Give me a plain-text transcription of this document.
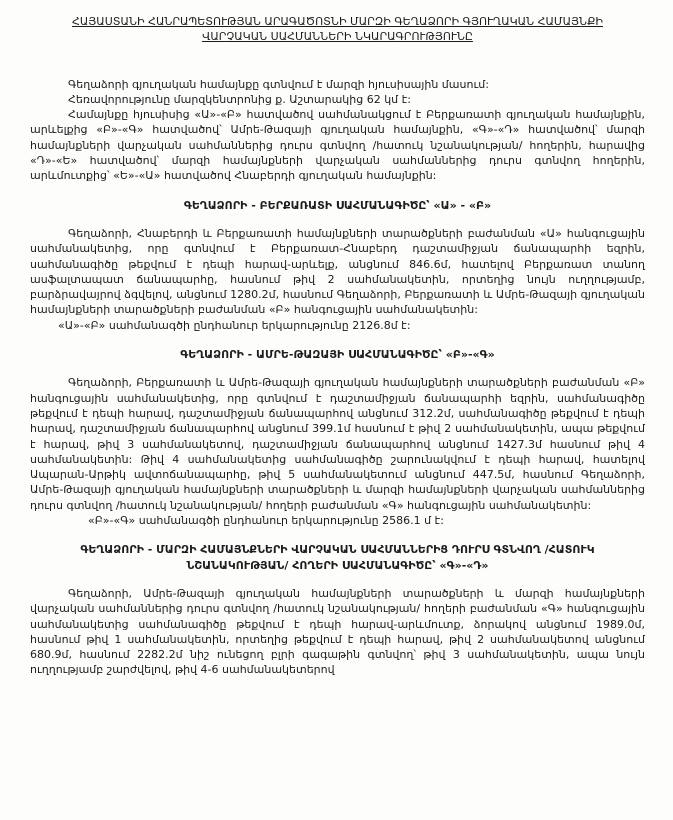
ՀԱՅԱՍՏԱՆԻ ՀԱՆՐԱՊԵՏՈՒԹՅԱՆ ԱՐԱԳԱԾՈՏՆԻ ՄԱՐԶԻ ԳԵՂԱՁՈՐԻ ԳՅՈՒՂԱԿԱՆ ՀԱՄԱՅՆՔԻ
ՎԱՐՉԱԿԱՆ ՍԱՀՄԱՆՆԵՐԻ ՆԿԱՐԱԳՐՈՒԹՅՈՒՆԸ

Գեղաձորի գյուղական համայնքը գտնվում է մարզի հյուսիսային մասում:

Հեռավորությունը մարզկենտրոնից ք. Աշտարակից 62 կմ է:

Համայնքը հյուսիսից «Ա»-«Բ» հատվածով սահմանակցում է Բերքառատի գյուղական համայնքին, արևելքից «Բ»-«Գ» հատվածով՝ Ամրե-Թազայի գյուղական համայնքին, «Գ»-«Դ» հատվածով՝ մարզի համայնքների վարչական սահմաններից դուրս գտնվող /հատուկ նշանակության/ հողերին, հարավից «Դ»-«Ե» հատվածով՝ մարզի համայնքների վարչական սահմաններից դուրս գտնվող հողերին, արևմուտքից՝ «Ե»-«Ա» հատվածով Հնաբերդի գյուղական համայնքին:

ԳԵՂԱՁՈՐԻ - ԲԵՐՔԱՌԱՏԻ ՍԱՀՄԱՆԱԳԻԾԸ՝ «Ա» - «Բ»

Գեղաձորի, Հնաբերդի և Բերքառատի համայնքների տարածքների բաժանման «Ա» հանգուցային սահմանակետից, որը գտնվում է Բերքառատ-Հնաբերդ դաշտամիջյան ճանապարհի եզրին, սահմանագիծը թեքվում է դեպի հարավ-արևելք, անցնում 846.6մ, հատելով Բերքառատ տանող ասֆալտապատ ճանապարհը, հասնում թիվ 2 սահմանակետին, որտեղից նույն ուղղությամբ, բարձրավայրով ձգվելով, անցնում 1280.2մ, հասնում Գեղաձորի, Բերքառատի և Ամրե-Թազայի գյուղական համայնքների տարածքների բաժանման «Բ» հանգուցային սահմանակետին:

«Ա»-«Բ» սահմանագծի ընդհանուր երկարությունը 2126.8մ է:

ԳԵՂԱՁՈՐԻ - ԱՄՐԵ-ԹԱԶԱՅԻ ՍԱՀՄԱՆԱԳԻԾԸ՝ «Բ»-«Գ»

Գեղաձորի, Բերքառատի և Ամրե-Թազայի գյուղական համայնքների տարածքների բաժանման «Բ» հանգուցային սահմանակետից, որը գտնվում է դաշտամիջյան ճանապարհի եզրին, սահմանագիծը թեքվում է դեպի հարավ, դաշտամիջյան ճանապարհով անցնում 312.2մ, սահմանագիծը թեքվում է դեպի հարավ, դաշտամիջյան ճանապարհով անցնում 399.1մ հասնում է թիվ 2 սահմանակետին, ապա թեքվում է հարավ, թիվ 3 սահմանակետով, դաշտամիջյան ճանապարհով անցնում 1427.3մ հասնում թիվ 4 սահմանակետին: Թիվ 4 սահմանակետից սահմանագիծը շարունակվում է դեպի հարավ, հատելով Ապարան-Արթիկ ավտոճանապարհը, թիվ 5 սահմանակետում անցնում 447.5մ, հասնում Գեղաձորի, Ամրե-Թազայի գյուղական համայնքների տարածքների և մարզի համայնքների վարչական սահմաններից դուրս գտնվող /հատուկ նշանակության/ հողերի բաժանման «Գ» հանգուցային սահմանակետին:

«Բ»-«Գ» սահմանագծի ընդհանուր երկարությունը 2586.1 մ է:

ԳԵՂԱՁՈՐԻ - ՄԱՐԶԻ ՀԱՄԱՅՆՔՆԵՐԻ ՎԱՐՉԱԿԱՆ ՍԱՀՄԱՆՆԵՐԻՑ ԴՈՒՐՍ ԳՏՆՎՈՂ /ՀԱՏՈՒԿ ՆՇԱՆԱԿՈՒԹՅԱՆ/ ՀՈՂԵՐԻ ՍԱՀՄԱՆԱԳԻԾԸ՝ «Գ»-«Դ»

Գեղաձորի, Ամրե-Թազայի գյուղական համայնքների տարածքների և մարզի համայնքների վարչական սահմաններից դուրս գտնվող /հատուկ նշանակության/ հողերի բաժանման «Գ» հանգուցային սահմանակետից սահմանագիծը թեքվում է դեպի հարավ-արևմուտք, ձորակով անցնում 1989.0մ, հասնում թիվ 1 սահմանակետին, որտեղից թեքվում է դեպի հարավ, թիվ 2 սահմանակետով անցնում 680.9մ, հասնում 2282.2մ նիշ ունեցող բլրի գագաթին գտնվող՝ թիվ 3 սահմանակետին, ապա նույն ուղղությամբ շարժվելով, թիվ 4-6 սահմանակետերով
